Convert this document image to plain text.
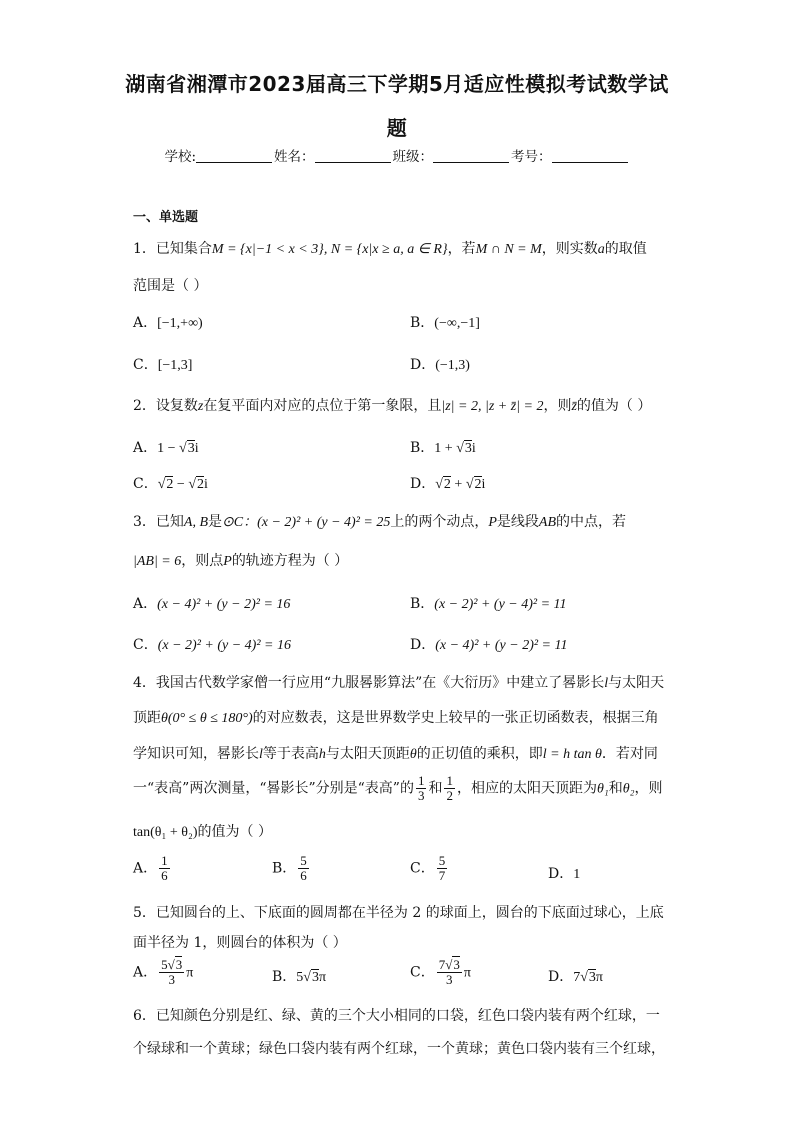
湖南省湘潭市2023届高三下学期5月适应性模拟考试数学试
题
学校:	姓名：	班级：	考号：
一、单选题
1．已知集合M = {x|−1 < x < 3}, N = {x|x ≥ a, a ∈ R}，若M ∩ N = M，则实数a的取值
范围是（ ）
A．[−1,+∞)	B．(−∞,−1]
C．[−1,3]	D．(−1,3)
2．设复数z在复平面内对应的点位于第一象限，且|z| = 2, |z + z̄| = 2，则z̄的值为（ ）
A．1 − √3i	B．1 + √3i
C．√2 − √2i	D．√2 + √2i
3．已知A, B是⊙C：(x − 2)² + (y − 4)² = 25上的两个动点，P是线段AB的中点，若
|AB| = 6，则点P的轨迹方程为（ ）
A．(x − 4)² + (y − 2)² = 16	B．(x − 2)² + (y − 4)² = 11
C．(x − 2)² + (y − 4)² = 16	D．(x − 4)² + (y − 2)² = 11
4．我国古代数学家僧一行应用“九服晷影算法”在《大衍历》中建立了晷影长l与太阳天
顶距θ(0° ≤ θ ≤ 180°)的对应数表，这是世界数学史上较早的一张正切函数表，根据三角
学知识可知，晷影长l等于表高h与太阳天顶距θ的正切值的乘积，即l = h tan θ．若对同
一“表高”两次测量，“晷影长”分别是“表高”的 $\frac{1}{3}$ 和 $\frac{1}{2}$ ，相应的太阳天顶距为θ₁和θ₂，则
tan(θ₁ + θ₂)的值为（ ）
A． $\frac{1}{6}$	B． $\frac{5}{6}$	C． $\frac{5}{7}$	D．1
5．已知圆台的上、下底面的圆周都在半径为 2 的球面上，圆台的下底面过球心，上底
面半径为 1，则圆台的体积为（ ）
A． $\frac{5√3}{3}$ π	B．5√3π	C． $\frac{7√3}{3}$ π	D．7√3π
6．已知颜色分别是红、绿、黄的三个大小相同的口袋，红色口袋内装有两个红球，一
个绿球和一个黄球；绿色口袋内装有两个红球，一个黄球；黄色口袋内装有三个红球，
